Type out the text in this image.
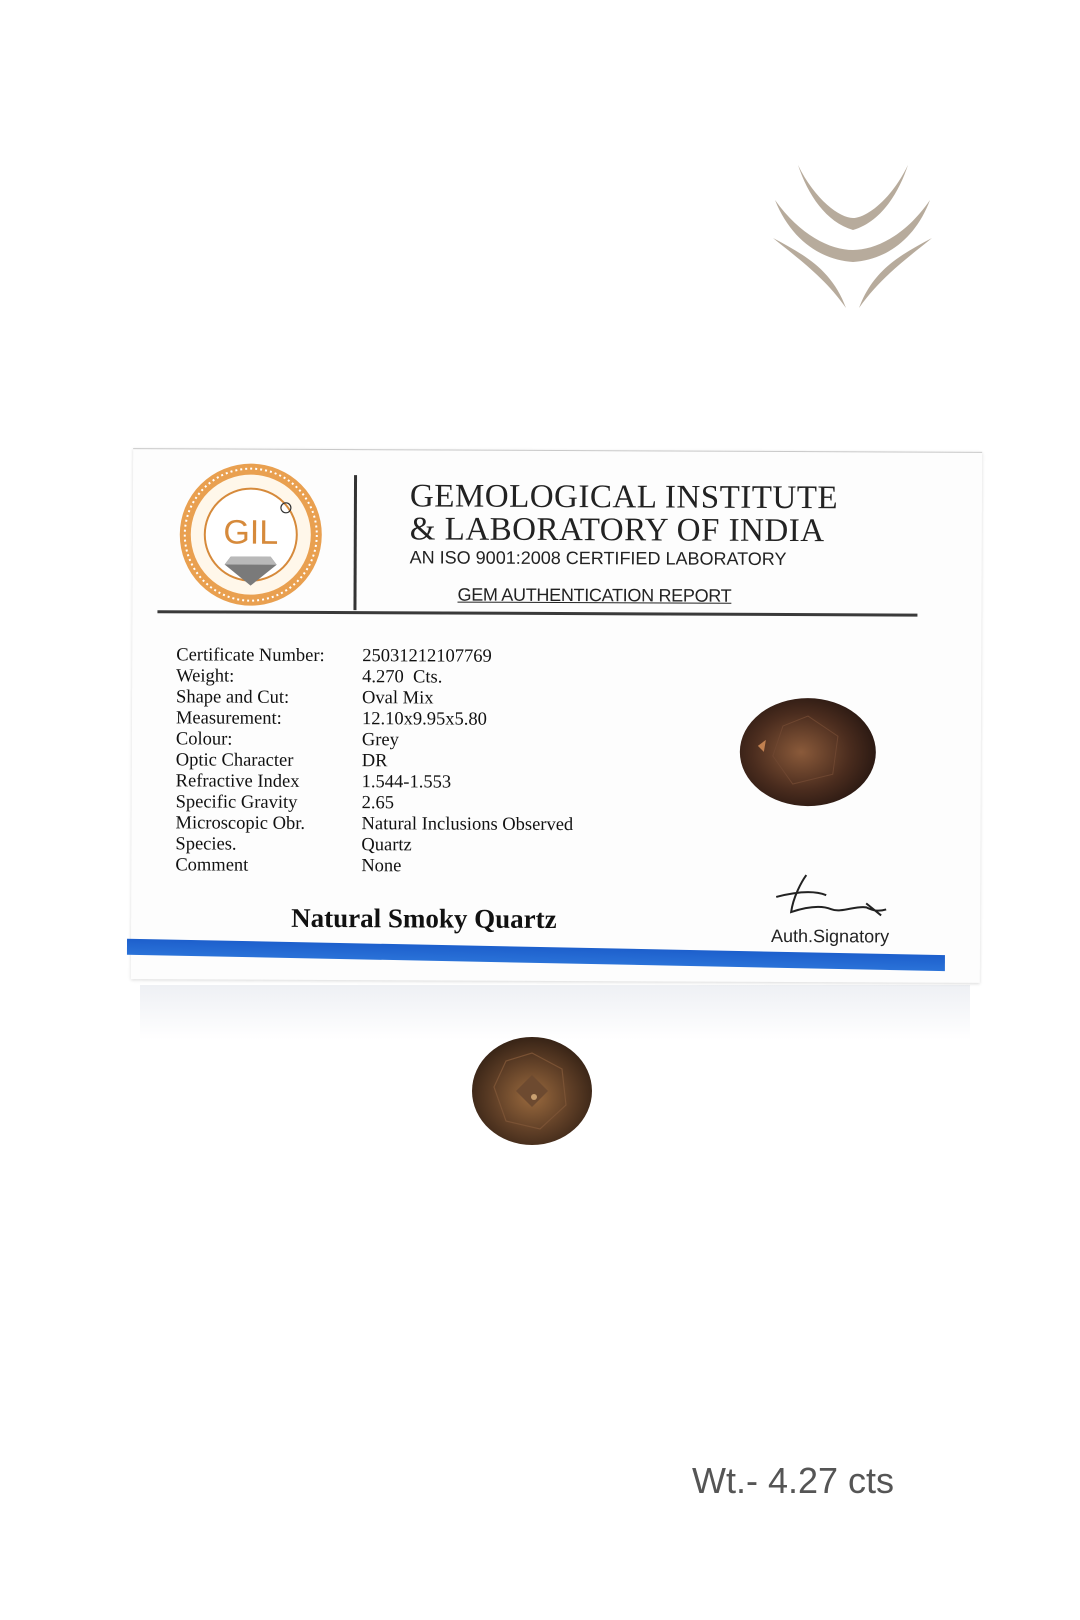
GIL
GEMOLOGICAL INSTITUTE
& LABORATORY OF INDIA
AN ISO 9001:2008 CERTIFIED LABORATORY
GEM AUTHENTICATION REPORT
Certificate Number:	25031212107769
Weight:	4.270  Cts.
Shape and Cut:	Oval Mix
Measurement:	12.10x9.95x5.80
Colour:	Grey
Optic Character	DR
Refractive Index	1.544-1.553
Specific Gravity	2.65
Microscopic Obr.	Natural Inclusions Observed
Species.	Quartz
Comment	None
Auth.Signatory
Natural Smoky Quartz
Wt.- 4.27 cts
